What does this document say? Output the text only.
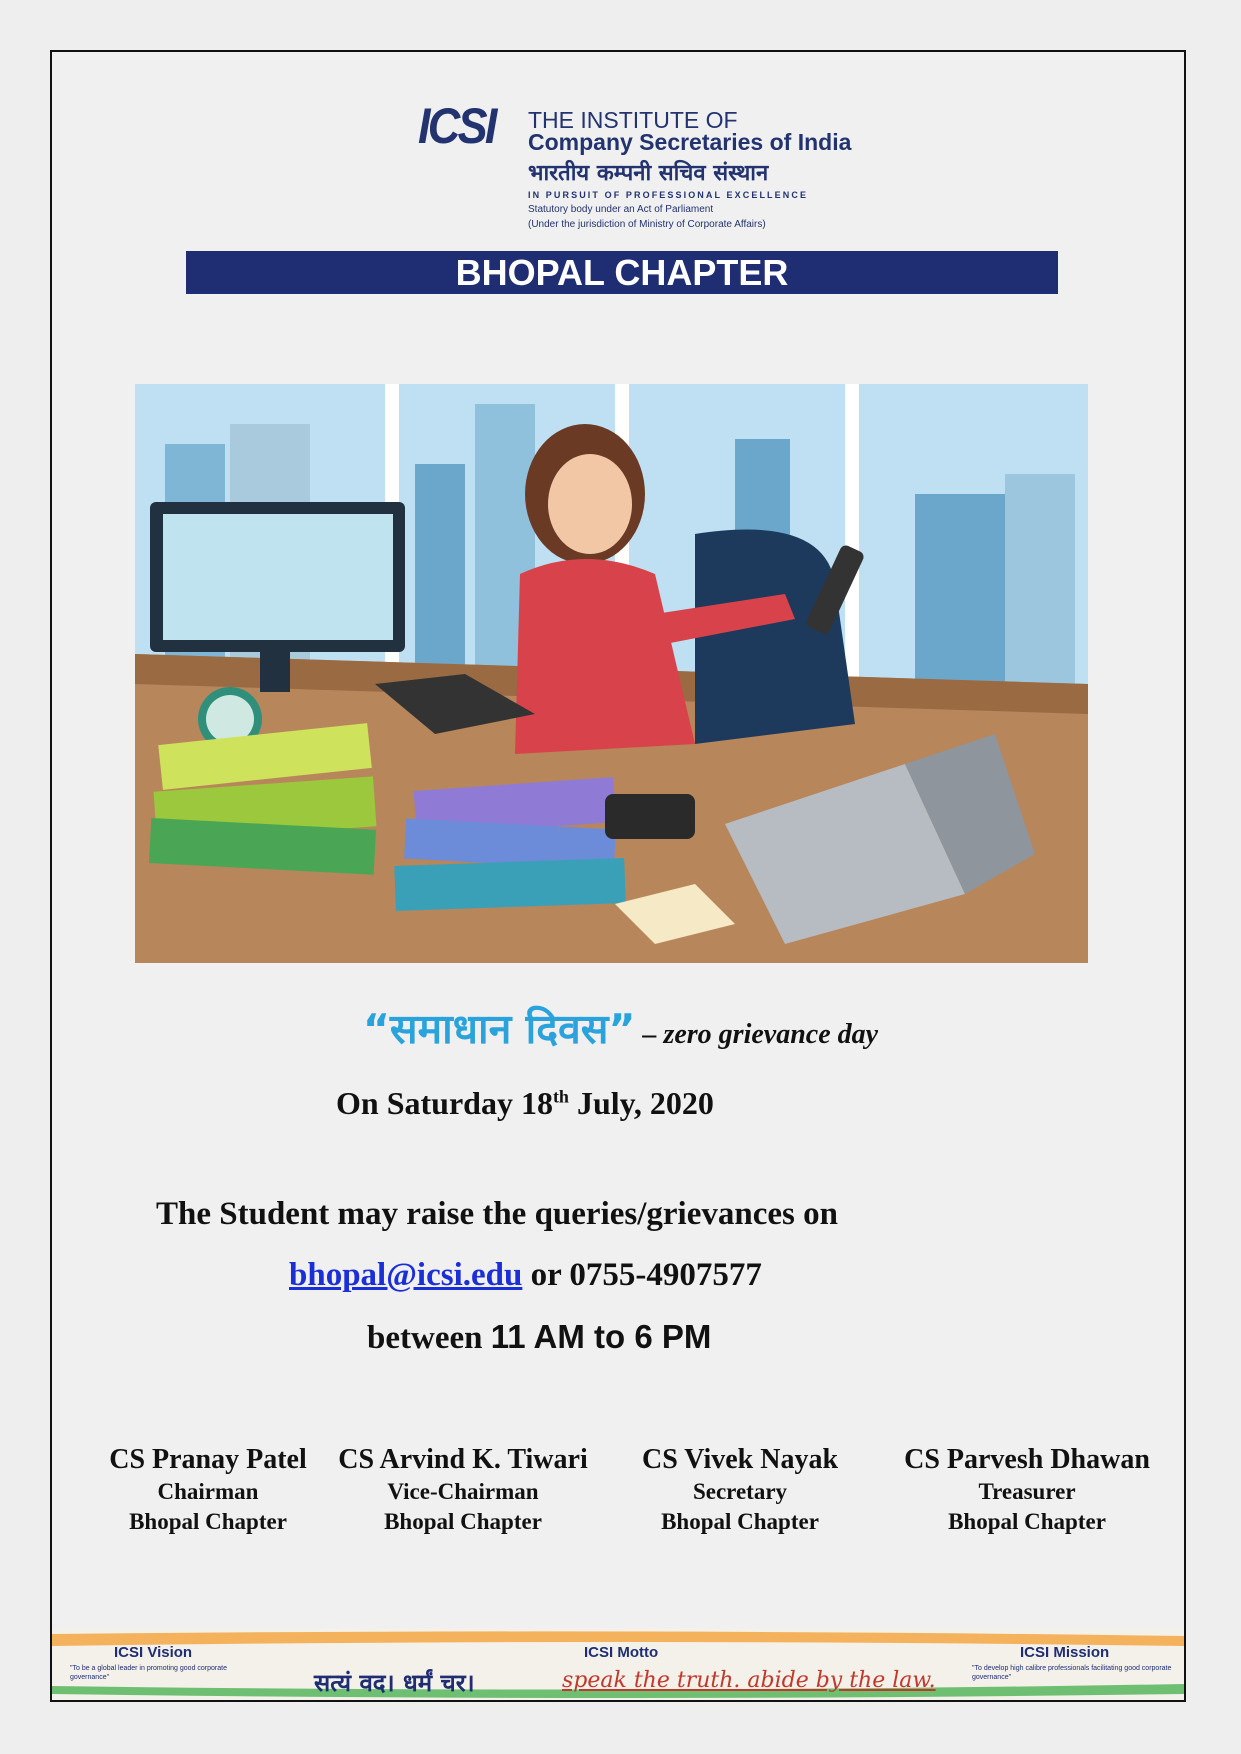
ICSI THE INSTITUTE OF
Company Secretaries of India
भारतीय कम्पनी सचिव संस्थान
IN PURSUIT OF PROFESSIONAL EXCELLENCE
Statutory body under an Act of Parliament
(Under the jurisdiction of Ministry of Corporate Affairs)
BHOPAL CHAPTER
“समाधान दिवस” – zero grievance day
On Saturday 18th July, 2020
The Student may raise the queries/grievances on
bhopal@icsi.edu or 0755-4907577
between 11 AM to 6 PM
CS Pranay Patel
Chairman
Bhopal Chapter
CS Arvind K. Tiwari
Vice-Chairman
Bhopal Chapter
CS Vivek Nayak
Secretary
Bhopal Chapter
CS Parvesh Dhawan
Treasurer
Bhopal Chapter
ICSI Vision
"To be a global leader in promoting good corporate governance"
ICSI Motto
सत्यं वद। धर्मं चर।	speak the truth. abide by the law.
ICSI Mission
"To develop high calibre professionals facilitating good corporate governance"
